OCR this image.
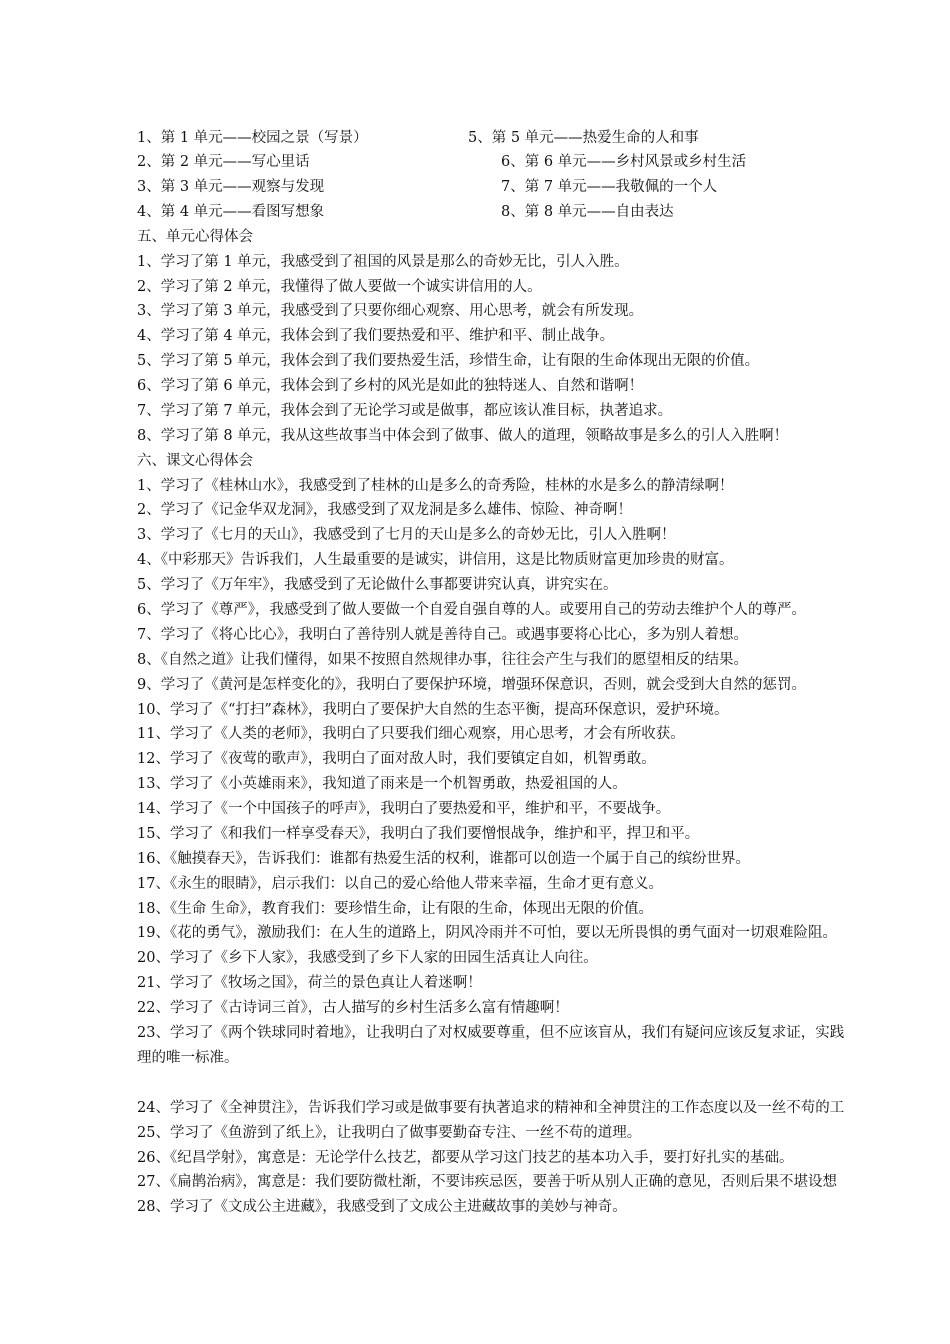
1、第 1 单元——校园之景（写景）	5、第 5 单元——热爱生命的人和事
2、第 2 单元——写心里话	6、第 6 单元——乡村风景或乡村生活
3、第 3 单元——观察与发现	7、第 7 单元——我敬佩的一个人
4、第 4 单元——看图写想象	8、第 8 单元——自由表达
五、单元心得体会
1、学习了第 1 单元，我感受到了祖国的风景是那么的奇妙无比，引人入胜。
2、学习了第 2 单元，我懂得了做人要做一个诚实讲信用的人。
3、学习了第 3 单元，我感受到了只要你细心观察、用心思考，就会有所发现。
4、学习了第 4 单元，我体会到了我们要热爱和平、维护和平、制止战争。
5、学习了第 5 单元，我体会到了我们要热爱生活，珍惜生命，让有限的生命体现出无限的价值。
6、学习了第 6 单元，我体会到了乡村的风光是如此的独特迷人、自然和谐啊！
7、学习了第 7 单元，我体会到了无论学习或是做事，都应该认准目标，执著追求。
8、学习了第 8 单元，我从这些故事当中体会到了做事、做人的道理，领略故事是多么的引人入胜啊！
六、课文心得体会
1、学习了《桂林山水》，我感受到了桂林的山是多么的奇秀险，桂林的水是多么的静清绿啊！
2、学习了《记金华双龙洞》，我感受到了双龙洞是多么雄伟、惊险、神奇啊！
3、学习了《七月的天山》，我感受到了七月的天山是多么的奇妙无比，引人入胜啊！
4、《中彩那天》告诉我们，人生最重要的是诚实，讲信用，这是比物质财富更加珍贵的财富。
5、学习了《万年牢》，我感受到了无论做什么事都要讲究认真，讲究实在。
6、学习了《尊严》，我感受到了做人要做一个自爱自强自尊的人。或要用自己的劳动去维护个人的尊严。
7、学习了《将心比心》，我明白了善待别人就是善待自己。或遇事要将心比心，多为别人着想。
8、《自然之道》让我们懂得，如果不按照自然规律办事，往往会产生与我们的愿望相反的结果。
9、学习了《黄河是怎样变化的》，我明白了要保护环境，增强环保意识，否则，就会受到大自然的惩罚。
10、学习了《“打扫”森林》，我明白了要保护大自然的生态平衡，提高环保意识，爱护环境。
11、学习了《人类的老师》，我明白了只要我们细心观察，用心思考，才会有所收获。
12、学习了《夜莺的歌声》，我明白了面对敌人时，我们要镇定自如，机智勇敢。
13、学习了《小英雄雨来》，我知道了雨来是一个机智勇敢，热爱祖国的人。
14、学习了《一个中国孩子的呼声》，我明白了要热爱和平，维护和平，不要战争。
15、学习了《和我们一样享受春天》，我明白了我们要憎恨战争，维护和平，捍卫和平。
16、《触摸春天》，告诉我们：谁都有热爱生活的权利，谁都可以创造一个属于自己的缤纷世界。
17、《永生的眼睛》，启示我们：以自己的爱心给他人带来幸福，生命才更有意义。
18、《生命 生命》，教育我们：要珍惜生命，让有限的生命，体现出无限的价值。
19、《花的勇气》，激励我们：在人生的道路上，阴风冷雨并不可怕，要以无所畏惧的勇气面对一切艰难险阻。
20、学习了《乡下人家》，我感受到了乡下人家的田园生活真让人向往。
21、学习了《牧场之国》，荷兰的景色真让人着迷啊！
22、学习了《古诗词三首》，古人描写的乡村生活多么富有情趣啊！
23、学习了《两个铁球同时着地》，让我明白了对权威要尊重，但不应该盲从，我们有疑问应该反复求证，实践
理的唯一标准。
24、学习了《全神贯注》，告诉我们学习或是做事要有执著追求的精神和全神贯注的工作态度以及一丝不苟的工
25、学习了《鱼游到了纸上》，让我明白了做事要勤奋专注、一丝不苟的道理。
26、《纪昌学射》，寓意是：无论学什么技艺，都要从学习这门技艺的基本功入手，要打好扎实的基础。
27、《扁鹊治病》，寓意是：我们要防微杜渐，不要讳疾忌医，要善于听从别人正确的意见，否则后果不堪设想
28、学习了《文成公主进藏》，我感受到了文成公主进藏故事的美妙与神奇。
